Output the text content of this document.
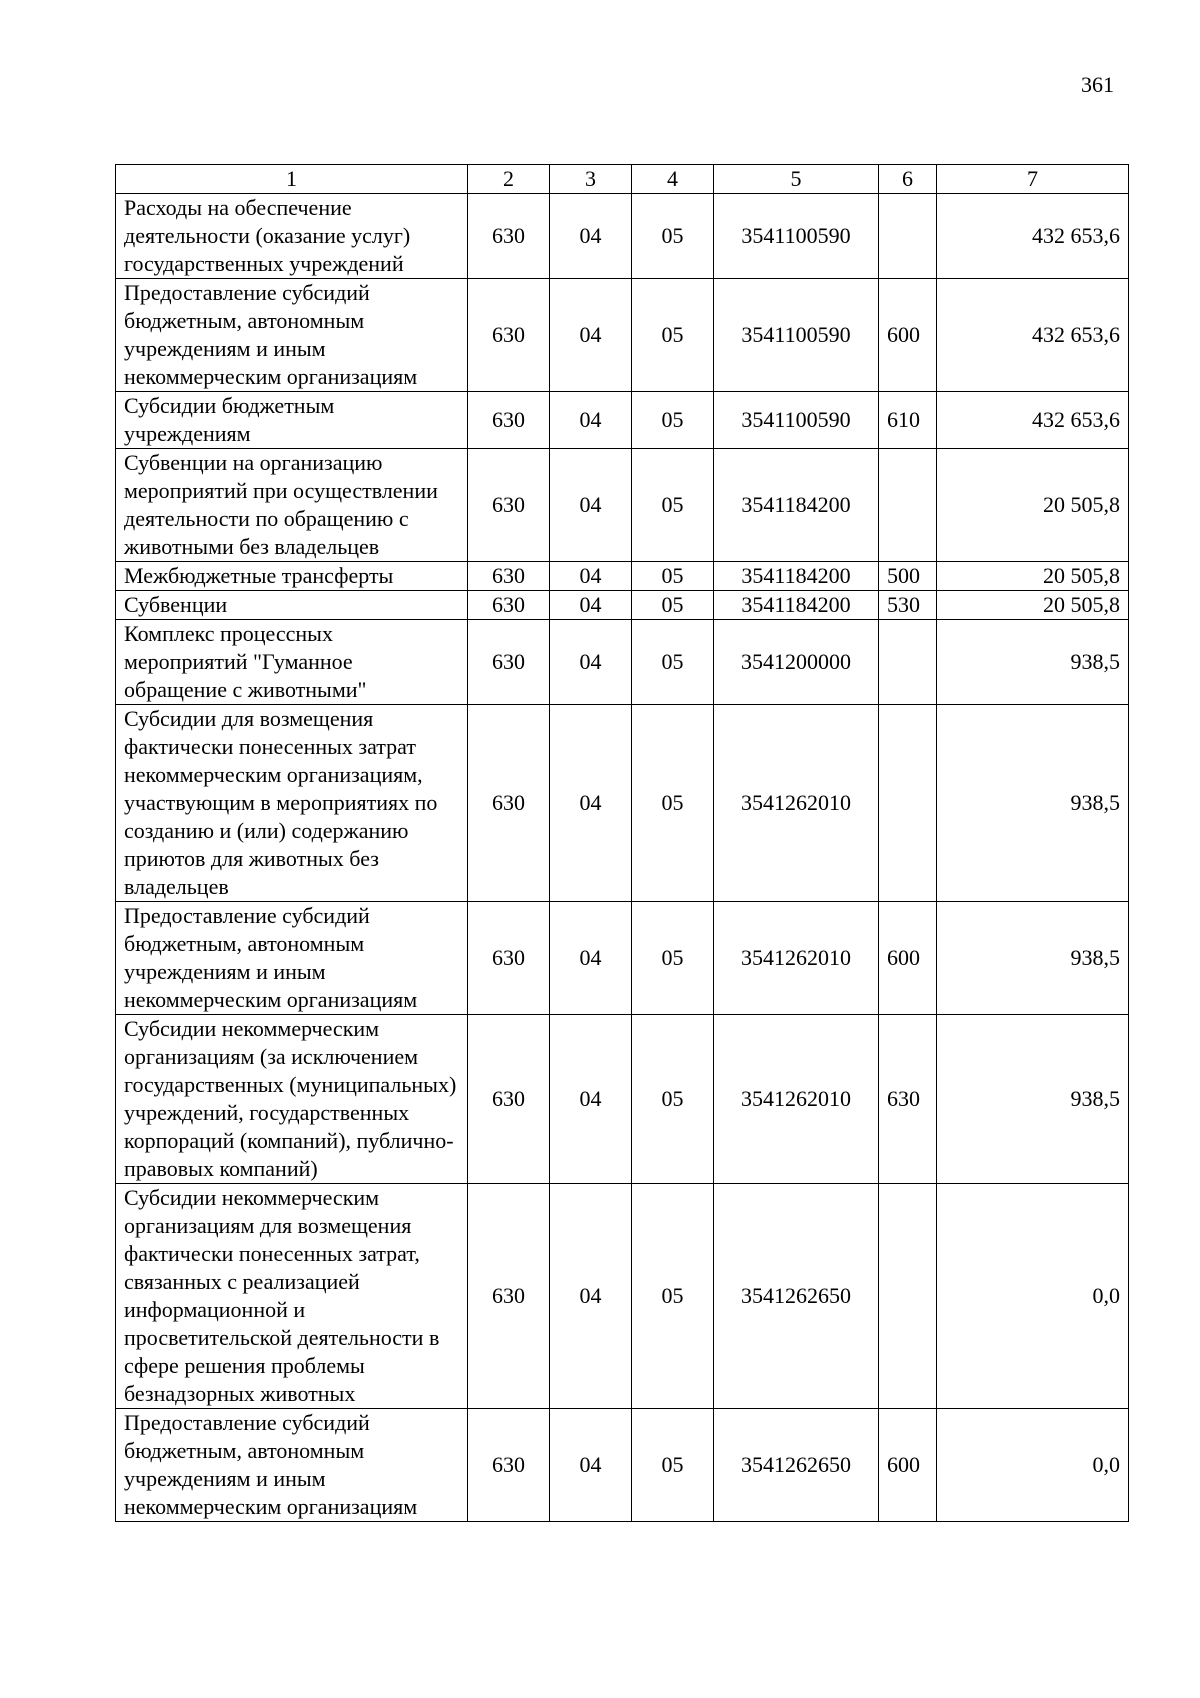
361
1	2	3	4	5	6	7
Расходы на обеспечение деятельности (оказание услуг) государственных учреждений	630	04	05	3541100590		432 653,6
Предоставление субсидий бюджетным, автономным учреждениям и иным некоммерческим организациям	630	04	05	3541100590	600	432 653,6
Субсидии бюджетным учреждениям	630	04	05	3541100590	610	432 653,6
Субвенции на организацию мероприятий при осуществлении деятельности по обращению с животными без владельцев	630	04	05	3541184200		20 505,8
Межбюджетные трансферты	630	04	05	3541184200	500	20 505,8
Субвенции	630	04	05	3541184200	530	20 505,8
Комплекс процессных мероприятий "Гуманное обращение с животными"	630	04	05	3541200000		938,5
Субсидии для возмещения фактически понесенных затрат некоммерческим организациям, участвующим в мероприятиях по созданию и (или) содержанию приютов для животных без владельцев	630	04	05	3541262010		938,5
Предоставление субсидий бюджетным, автономным учреждениям и иным некоммерческим организациям	630	04	05	3541262010	600	938,5
Субсидии некоммерческим организациям (за исключением государственных (муниципальных) учреждений, государственных корпораций (компаний), публично-правовых компаний)	630	04	05	3541262010	630	938,5
Субсидии некоммерческим организациям для возмещения фактически понесенных затрат, связанных с реализацией информационной и просветительской деятельности в сфере решения проблемы безнадзорных животных	630	04	05	3541262650		0,0
Предоставление субсидий бюджетным, автономным учреждениям и иным некоммерческим организациям	630	04	05	3541262650	600	0,0
